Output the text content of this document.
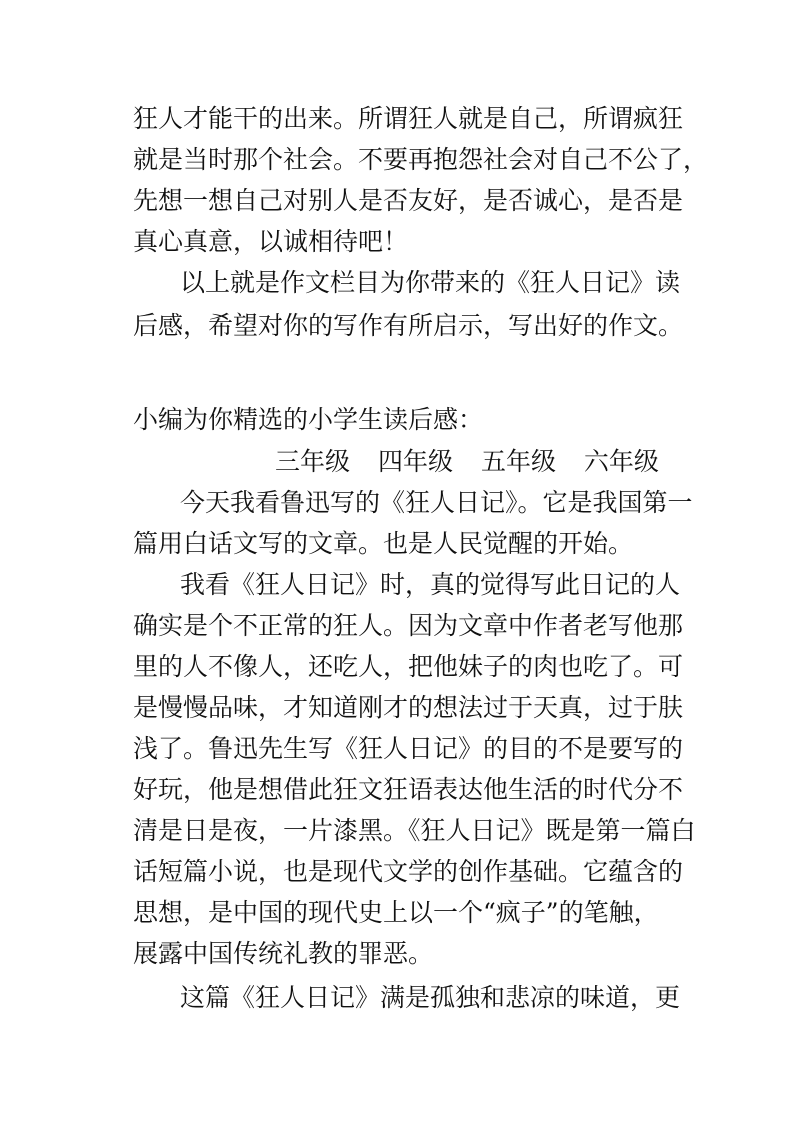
狂人才能干的出来。所谓狂人就是自己，所谓疯狂

就是当时那个社会。不要再抱怨社会对自己不公了，

先想一想自己对别人是否友好，是否诚心，是否是

真心真意，以诚相待吧！

以上就是作文栏目为你带来的《狂人日记》读

后感，希望对你的写作有所启示，写出好的作文。

小编为你精选的小学生读后感：

三年级 四年级 五年级 六年级

今天我看鲁迅写的《狂人日记》。它是我国第一

篇用白话文写的文章。也是人民觉醒的开始。

我看《狂人日记》时，真的觉得写此日记的人

确实是个不正常的狂人。因为文章中作者老写他那

里的人不像人，还吃人，把他妹子的肉也吃了。可

是慢慢品味，才知道刚才的想法过于天真，过于肤

浅了。鲁迅先生写《狂人日记》的目的不是要写的

好玩，他是想借此狂文狂语表达他生活的时代分不

清是日是夜，一片漆黑。《狂人日记》既是第一篇白

话短篇小说，也是现代文学的创作基础。它蕴含的

思想，是中国的现代史上以一个“疯子”的笔触，

展露中国传统礼教的罪恶。

这篇《狂人日记》满是孤独和悲凉的味道，更
